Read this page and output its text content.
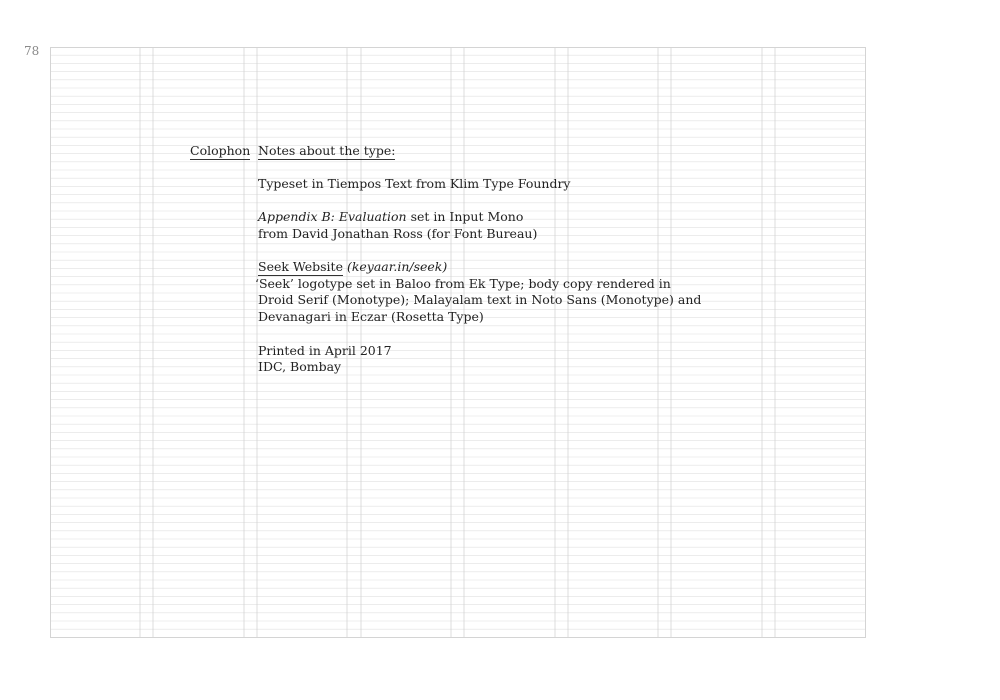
78
Colophon Notes about the type:
Typeset in Tiempos Text from Klim Type Foundry
Appendix B: Evaluation set in Input Mono
from David Jonathan Ross (for Font Bureau)
Seek Website (keyaar.in/seek)
‘Seek’ logotype set in Baloo from Ek Type; body copy rendered in
Droid Serif (Monotype); Malayalam text in Noto Sans (Monotype) and
Devanagari in Eczar (Rosetta Type)
Printed in April 2017
IDC, Bombay
